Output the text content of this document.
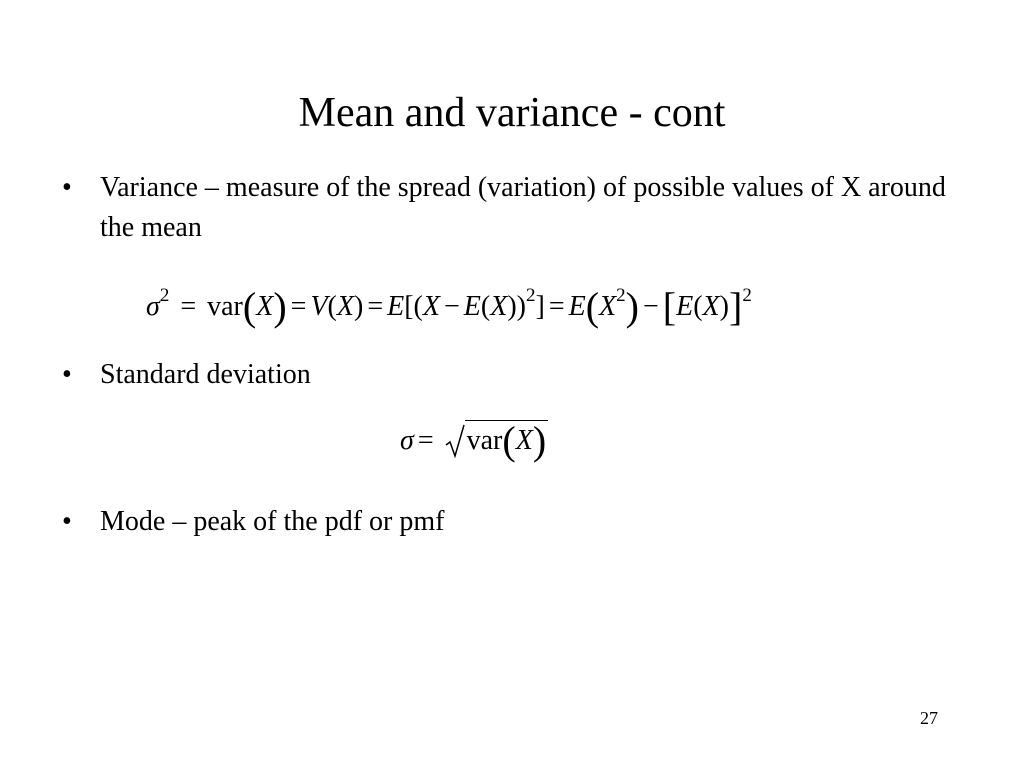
Mean and variance - cont
• Variance – measure of the spread (variation) of possible values of X around the mean
$\sigma^2 = var(X) = V(X) = E[(X - E(X))^2] = E(X^2) - [E(X)]^2$
• Standard deviation
σ = var(X)
• Mode – peak of the pdf or pmf
27
